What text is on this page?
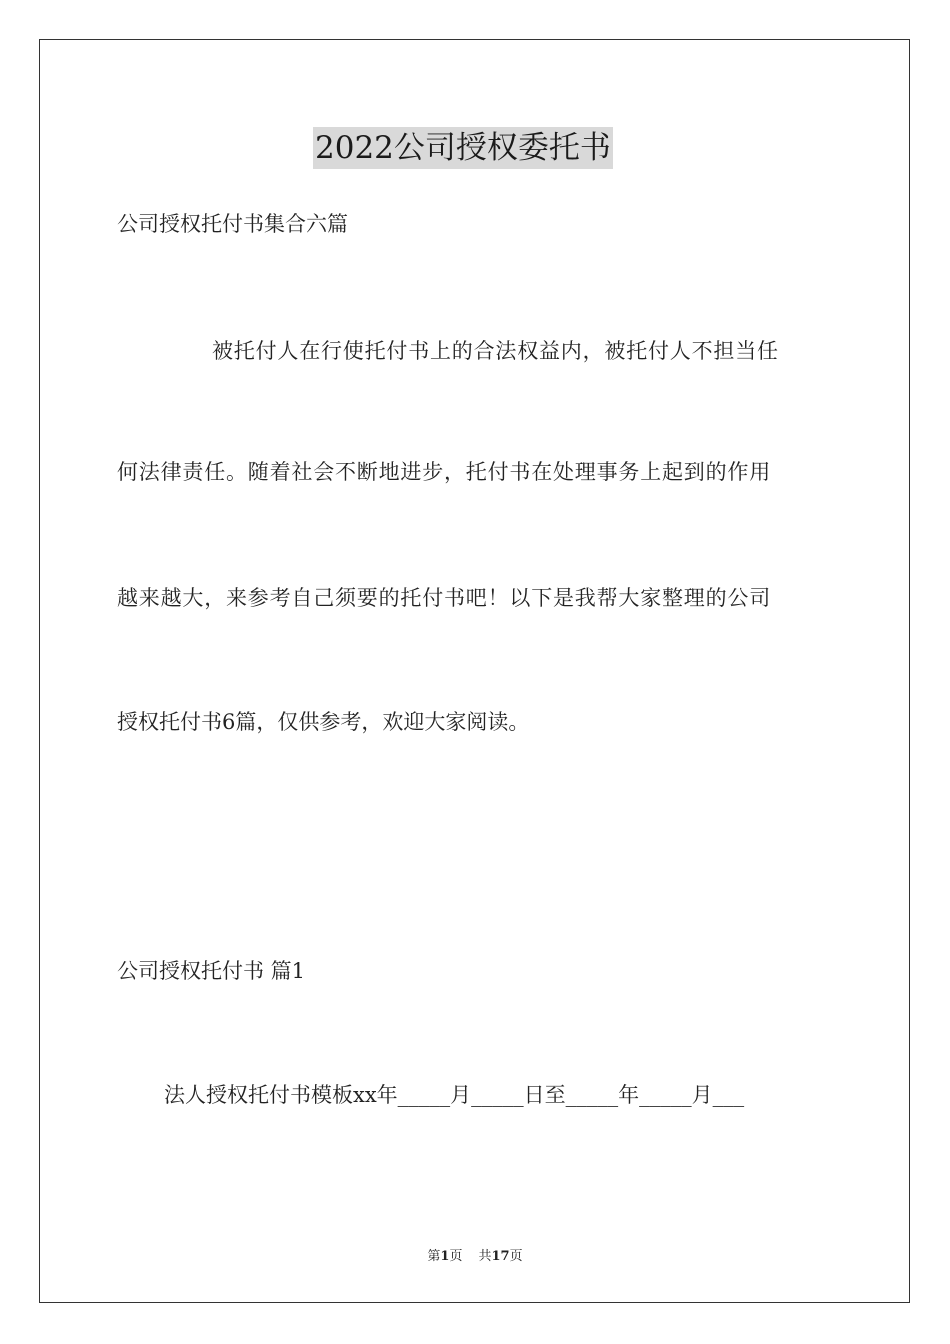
2022公司授权委托书
公司授权托付书集合六篇
被托付人在行使托付书上的合法权益内，被托付人不担当任
何法律责任。随着社会不断地进步，托付书在处理事务上起到的作用
越来越大，来参考自己须要的托付书吧！以下是我帮大家整理的公司
授权托付书6篇，仅供参考，欢迎大家阅读。
公司授权托付书 篇1
法人授权托付书模板xx年_____月_____日至_____年_____月___
第1页 共17页
